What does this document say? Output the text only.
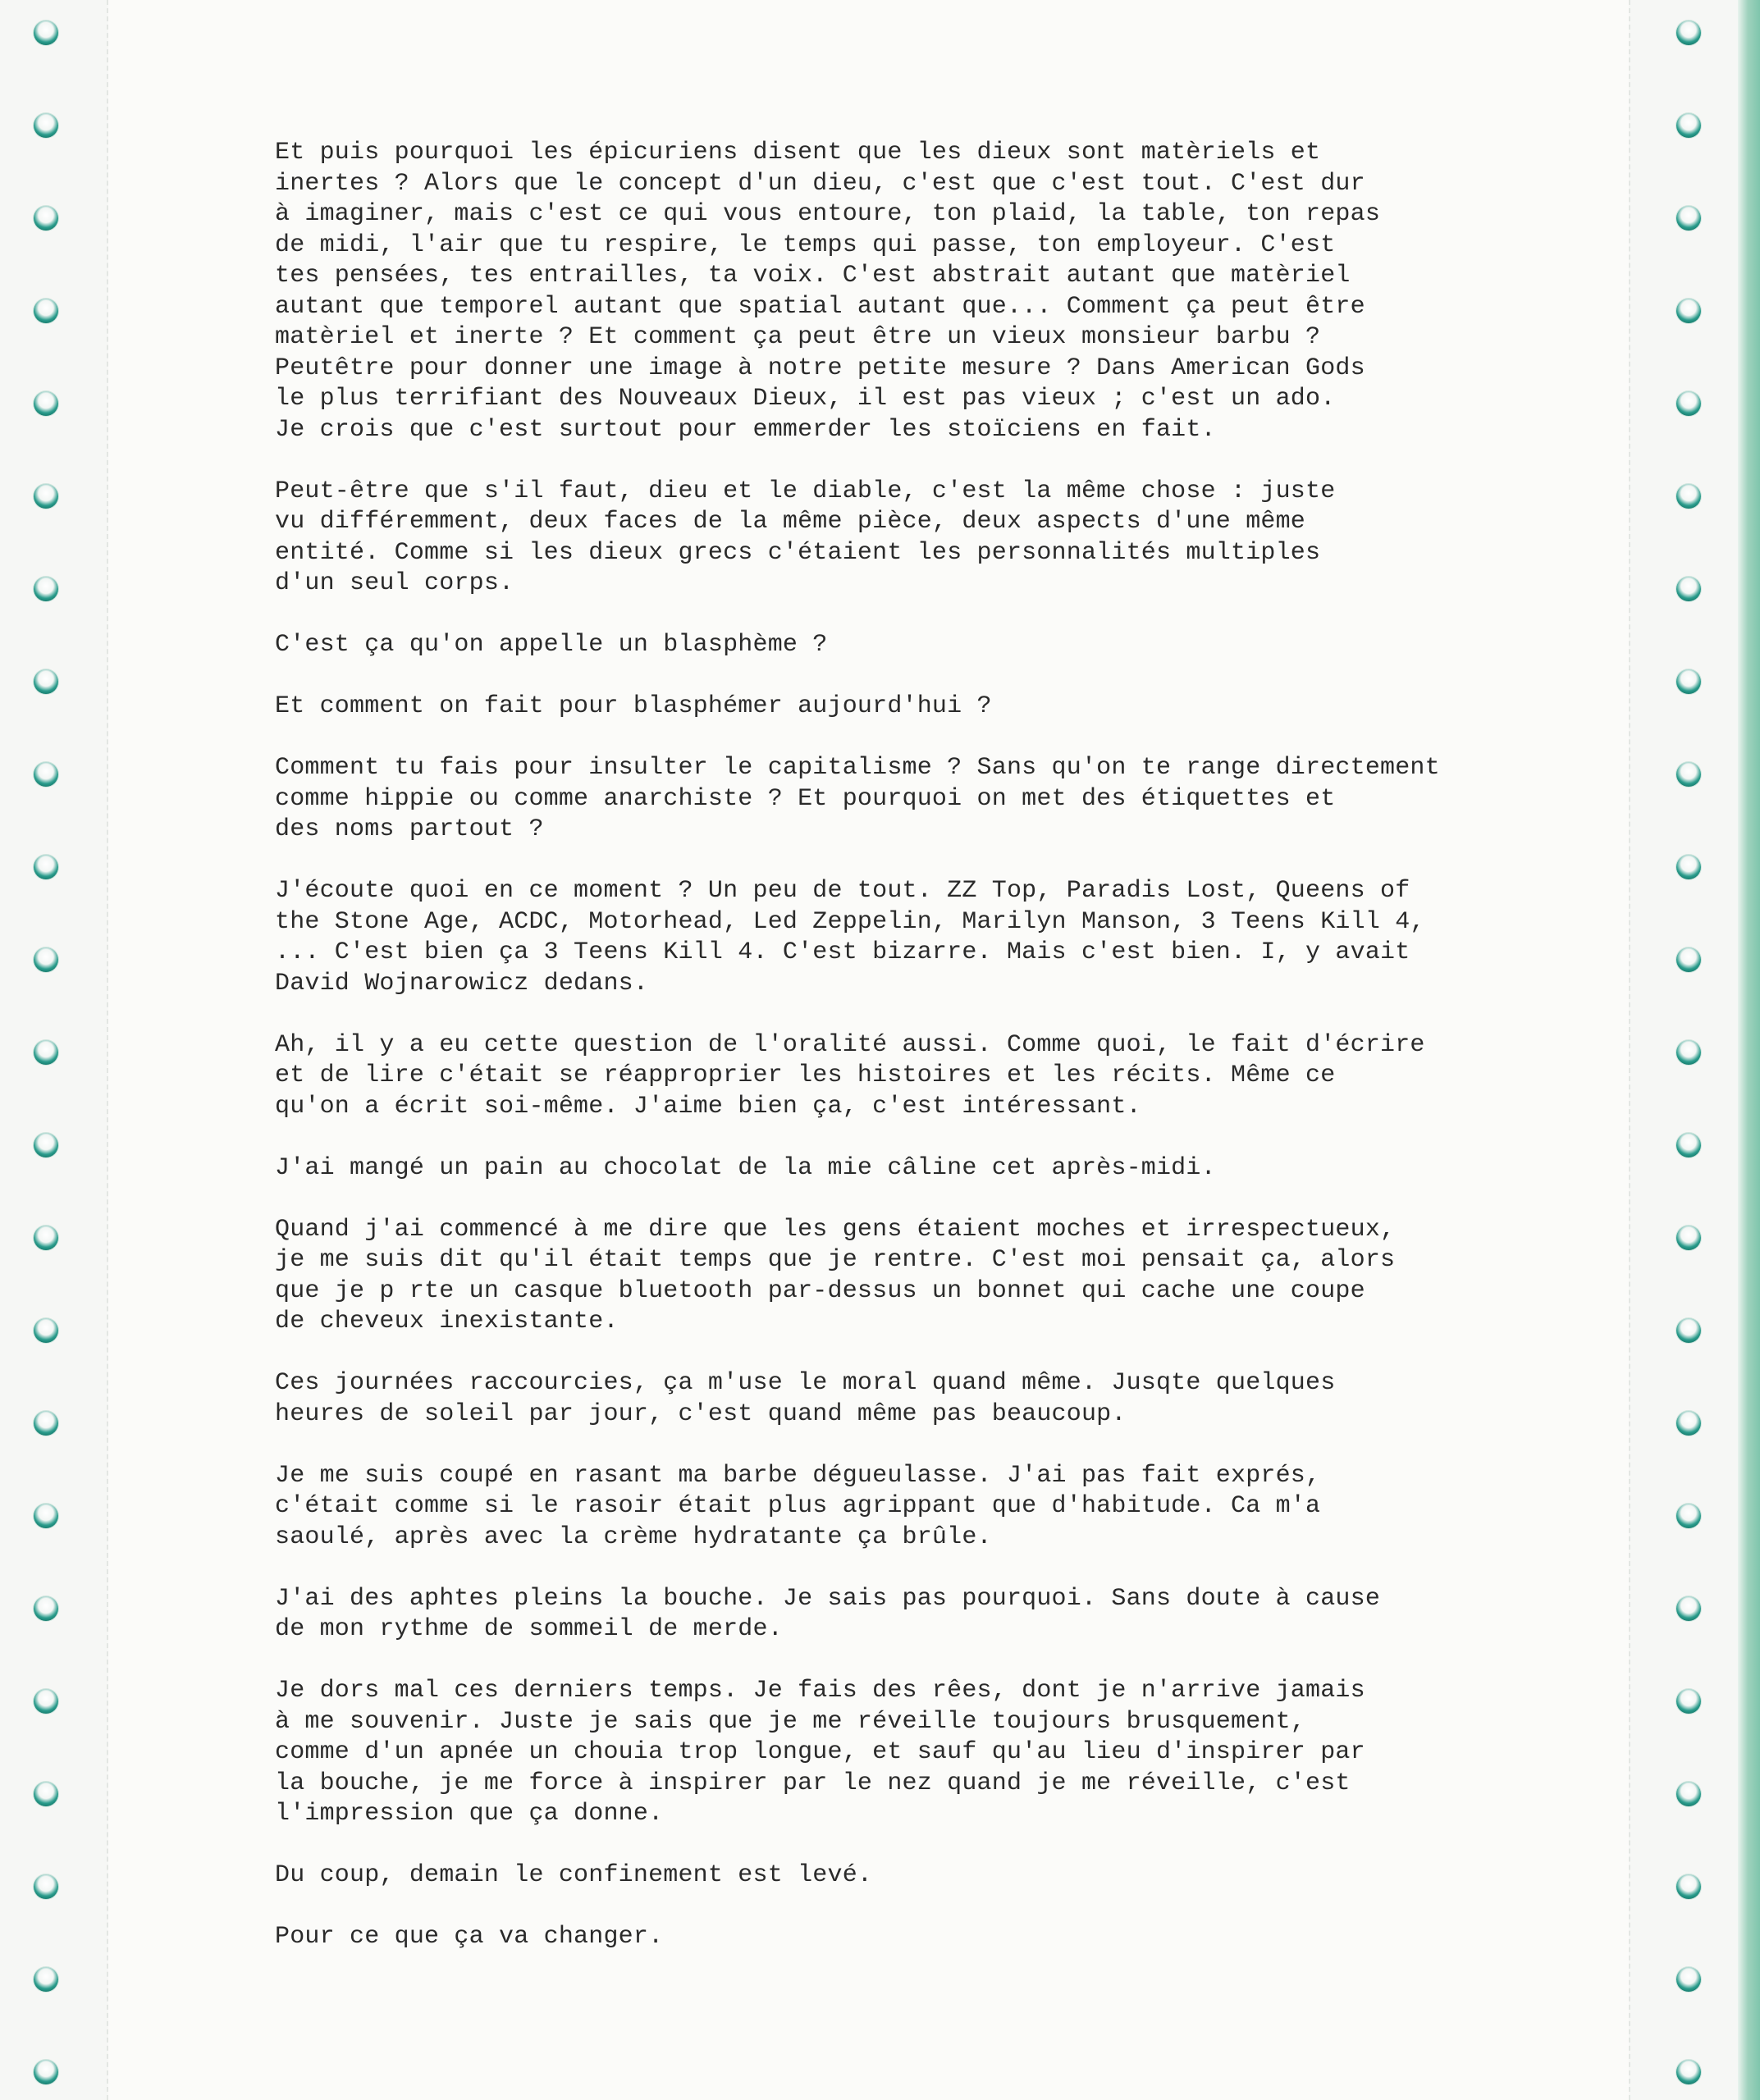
Et puis pourquoi les épicuriens disent que les dieux sont matèriels et
inertes ? Alors que le concept d'un dieu, c'est que c'est tout. C'est dur
à imaginer, mais c'est ce qui vous entoure, ton plaid, la table, ton repas
de midi, l'air que tu respire, le temps qui passe, ton employeur. C'est
tes pensées, tes entrailles, ta voix. C'est abstrait autant que matèriel
autant que temporel autant que spatial autant que... Comment ça peut être
matèriel et inerte ? Et comment ça peut être un vieux monsieur barbu ?
Peutêtre pour donner une image à notre petite mesure ? Dans American Gods
le plus terrifiant des Nouveaux Dieux, il est pas vieux ; c'est un ado.
Je crois que c'est surtout pour emmerder les stoïciens en fait.
Peut-être que s'il faut, dieu et le diable, c'est la même chose : juste
vu différemment, deux faces de la même pièce, deux aspects d'une même
entité. Comme si les dieux grecs c'étaient les personnalités multiples
d'un seul corps.
C'est ça qu'on appelle un blasphème ?
Et comment on fait pour blasphémer aujourd'hui ?
Comment tu fais pour insulter le capitalisme ? Sans qu'on te range directement
comme hippie ou comme anarchiste ? Et pourquoi on met des étiquettes et
des noms partout ?
J'écoute quoi en ce moment ? Un peu de tout. ZZ Top, Paradis Lost, Queens of
the Stone Age, ACDC, Motorhead, Led Zeppelin, Marilyn Manson, 3 Teens Kill 4,
... C'est bien ça 3 Teens Kill 4. C'est bizarre. Mais c'est bien. I, y avait
David Wojnarowicz dedans.
Ah, il y a eu cette question de l'oralité aussi. Comme quoi, le fait d'écrire
et de lire c'était se réapproprier les histoires et les récits. Même ce
qu'on a écrit soi-même. J'aime bien ça, c'est intéressant.
J'ai mangé un pain au chocolat de la mie câline cet après-midi.
Quand j'ai commencé à me dire que les gens étaient moches et irrespectueux,
je me suis dit qu'il était temps que je rentre. C'est moi pensait ça, alors
que je p rte un casque bluetooth par-dessus un bonnet qui cache une coupe
de cheveux inexistante.
Ces journées raccourcies, ça m'use le moral quand même. Jusqte quelques
heures de soleil par jour, c'est quand même pas beaucoup.
Je me suis coupé en rasant ma barbe dégueulasse. J'ai pas fait exprés,
c'était comme si le rasoir était plus agrippant que d'habitude. Ca m'a
saoulé, après avec la crème hydratante ça brûle.
J'ai des aphtes pleins la bouche. Je sais pas pourquoi. Sans doute à cause
de mon rythme de sommeil de merde.
Je dors mal ces derniers temps. Je fais des rêes, dont je n'arrive jamais
à me souvenir. Juste je sais que je me réveille toujours brusquement,
comme d'un apnée un chouia trop longue, et sauf qu'au lieu d'inspirer par
la bouche, je me force à inspirer par le nez quand je me réveille, c'est
l'impression que ça donne.
Du coup, demain le confinement est levé.
Pour ce que ça va changer.
